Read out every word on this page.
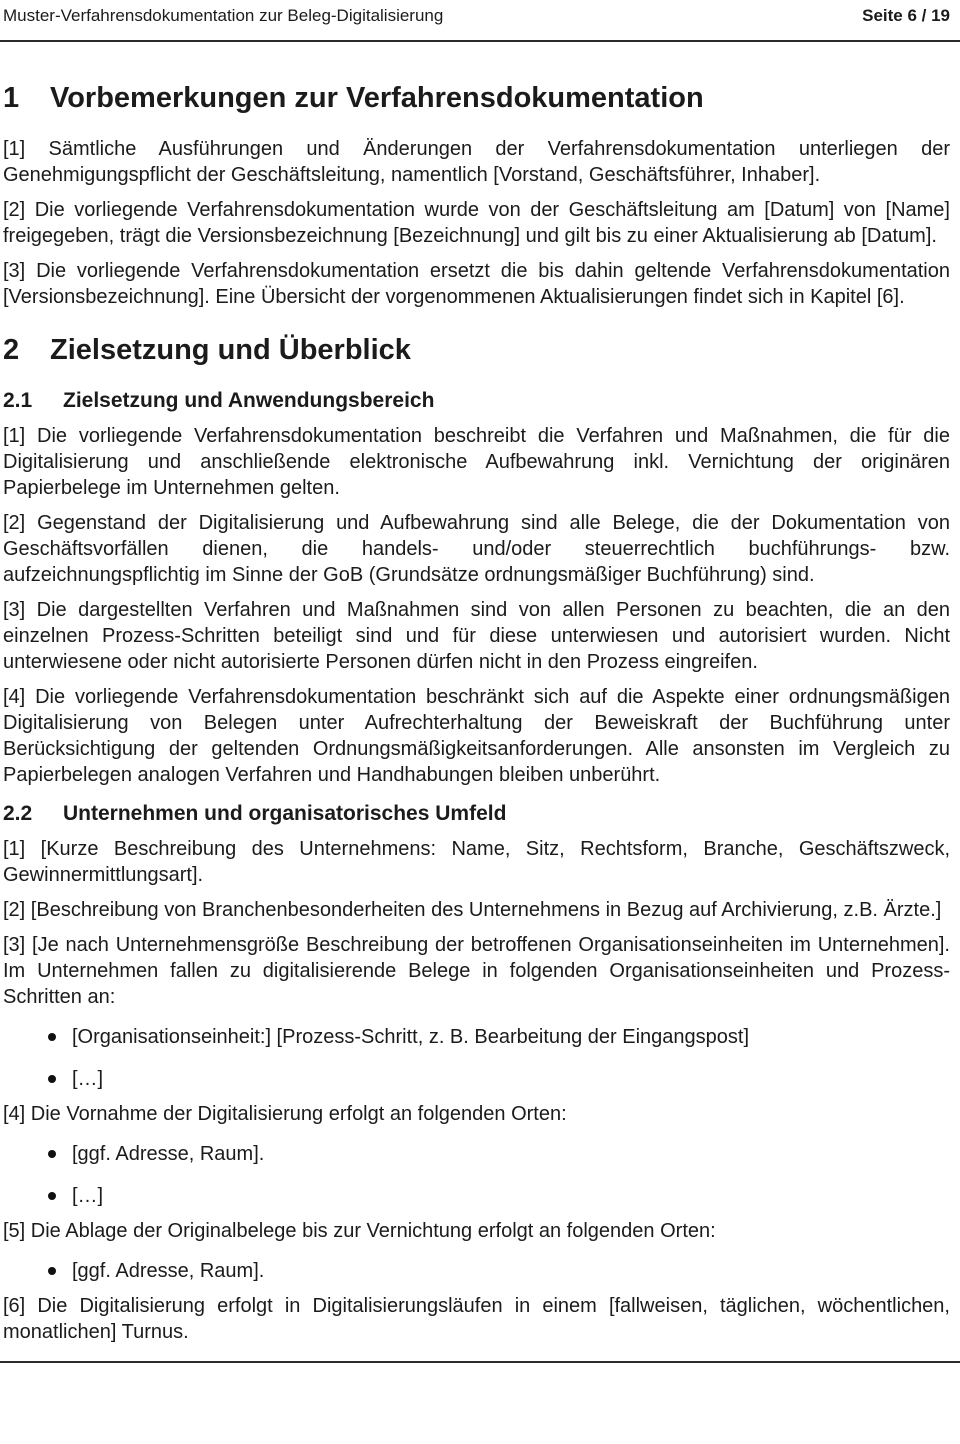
Muster-Verfahrensdokumentation zur Beleg-Digitalisierung	Seite 6 / 19
1	Vorbemerkungen zur Verfahrensdokumentation

[1] Sämtliche Ausführungen und Änderungen der Verfahrensdokumentation unterliegen der Genehmigungspflicht der Geschäftsleitung, namentlich [Vorstand, Geschäftsführer, Inhaber].

[2] Die vorliegende Verfahrensdokumentation wurde von der Geschäftsleitung am [Datum] von [Name] freigegeben, trägt die Versionsbezeichnung [Bezeichnung] und gilt bis zu einer Aktualisierung ab [Datum].

[3] Die vorliegende Verfahrensdokumentation ersetzt die bis dahin geltende Verfahrensdokumentation [Versionsbezeichnung]. Eine Übersicht der vorgenommenen Aktualisierungen findet sich in Kapitel [6].

2	Zielsetzung und Überblick
2.1	Zielsetzung und Anwendungsbereich

[1] Die vorliegende Verfahrensdokumentation beschreibt die Verfahren und Maßnahmen, die für die Digitalisierung und anschließende elektronische Aufbewahrung inkl. Vernichtung der originären Papierbelege im Unternehmen gelten.

[2] Gegenstand der Digitalisierung und Aufbewahrung sind alle Belege, die der Dokumentation von Geschäftsvorfällen dienen, die handels- und/oder steuerrechtlich buchführungs- bzw. aufzeichnungspflichtig im Sinne der GoB (Grundsätze ordnungsmäßiger Buchführung) sind.

[3] Die dargestellten Verfahren und Maßnahmen sind von allen Personen zu beachten, die an den einzelnen Prozess-Schritten beteiligt sind und für diese unterwiesen und autorisiert wurden. Nicht unterwiesene oder nicht autorisierte Personen dürfen nicht in den Prozess eingreifen.

[4] Die vorliegende Verfahrensdokumentation beschränkt sich auf die Aspekte einer ordnungsmäßigen Digitalisierung von Belegen unter Aufrechterhaltung der Beweiskraft der Buchführung unter Berücksichtigung der geltenden Ordnungsmäßigkeitsanforderungen. Alle ansonsten im Vergleich zu Papierbelegen analogen Verfahren und Handhabungen bleiben unberührt.

2.2	Unternehmen und organisatorisches Umfeld

[1] [Kurze Beschreibung des Unternehmens: Name, Sitz, Rechtsform, Branche, Geschäftszweck, Gewinnermittlungsart].

[2] [Beschreibung von Branchenbesonderheiten des Unternehmens in Bezug auf Archivierung, z.B. Ärzte.]

[3] [Je nach Unternehmensgröße Beschreibung der betroffenen Organisationseinheiten im Unternehmen]. Im Unternehmen fallen zu digitalisierende Belege in folgenden Organisationseinheiten und Prozess-Schritten an:

[Organisationseinheit:] [Prozess-Schritt, z. B. Bearbeitung der Eingangspost]
[…]

[4] Die Vornahme der Digitalisierung erfolgt an folgenden Orten:

[ggf. Adresse, Raum].
[…]

[5] Die Ablage der Originalbelege bis zur Vernichtung erfolgt an folgenden Orten:

[ggf. Adresse, Raum].

[6] Die Digitalisierung erfolgt in Digitalisierungsläufen in einem [fallweisen, täglichen, wöchentlichen, monatlichen] Turnus.
